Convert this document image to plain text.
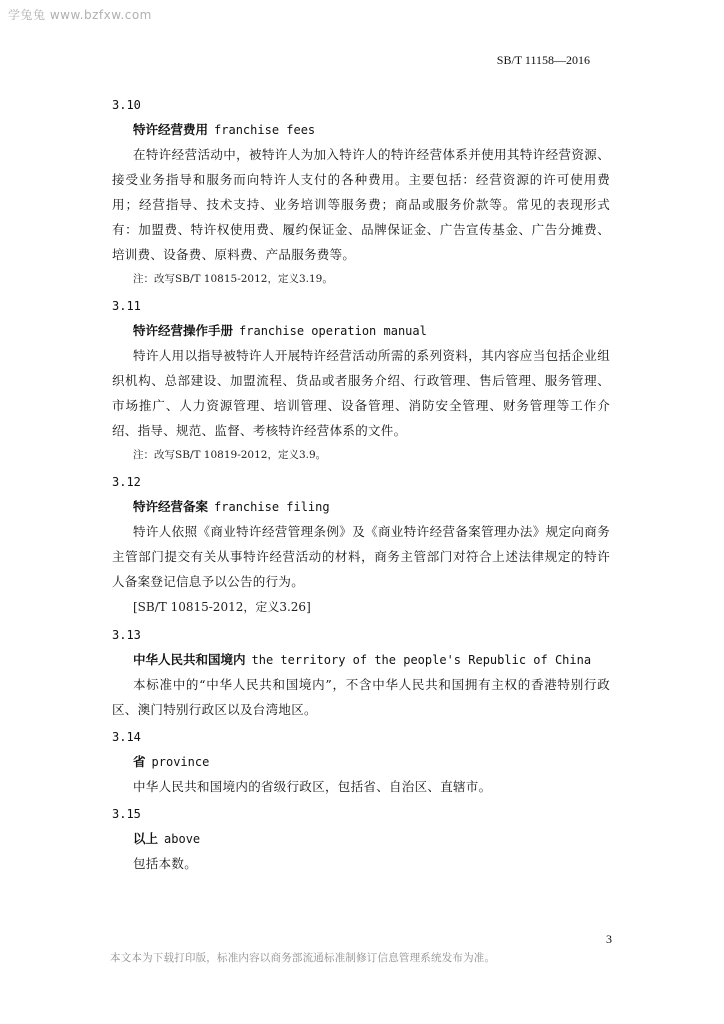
学兔兔 www.bzfxw.com
SB/T 11158—2016
3.10
特许经营费用 franchise fees
在特许经营活动中，被特许人为加入特许人的特许经营体系并使用其特许经营资源、接受业务指导和服务而向特许人支付的各种费用。主要包括：经营资源的许可使用费用；经营指导、技术支持、业务培训等服务费；商品或服务价款等。常见的表现形式有：加盟费、特许权使用费、履约保证金、品牌保证金、广告宣传基金、广告分摊费、培训费、设备费、原料费、产品服务费等。
注：改写SB/T 10815-2012，定义3.19。
3.11
特许经营操作手册 franchise operation manual
特许人用以指导被特许人开展特许经营活动所需的系列资料，其内容应当包括企业组织机构、总部建设、加盟流程、货品或者服务介绍、行政管理、售后管理、服务管理、市场推广、人力资源管理、培训管理、设备管理、消防安全管理、财务管理等工作介绍、指导、规范、监督、考核特许经营体系的文件。
注：改写SB/T 10819-2012，定义3.9。
3.12
特许经营备案 franchise filing
特许人依照《商业特许经营管理条例》及《商业特许经营备案管理办法》规定向商务主管部门提交有关从事特许经营活动的材料，商务主管部门对符合上述法律规定的特许人备案登记信息予以公告的行为。
[SB/T 10815-2012，定义3.26]
3.13
中华人民共和国境内 the territory of the people's Republic of China
本标准中的“中华人民共和国境内”，不含中华人民共和国拥有主权的香港特别行政区、澳门特别行政区以及台湾地区。
3.14
省 province
中华人民共和国境内的省级行政区，包括省、自治区、直辖市。
3.15
以上 above
包括本数。
3
本文本为下载打印版，标准内容以商务部流通标准制修订信息管理系统发布为准。
